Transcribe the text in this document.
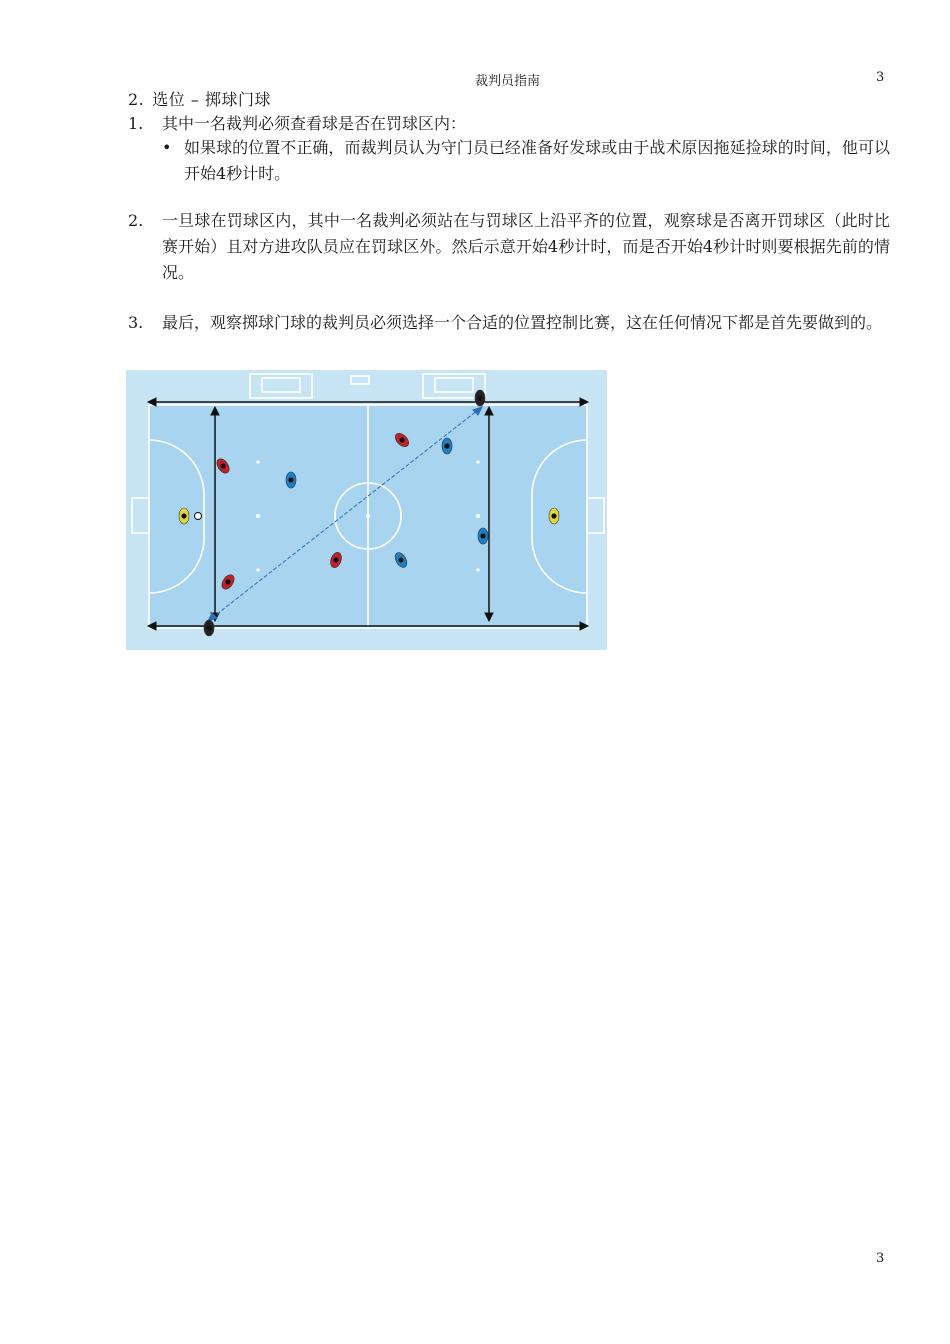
裁判员指南	3
2. 选位 – 掷球门球
1. 其中一名裁判必须查看球是否在罚球区内：
• 如果球的位置不正确，而裁判员认为守门员已经准备好发球或由于战术原因拖延捡球的时间，他可以开始4秒计时。
2. 一旦球在罚球区内，其中一名裁判必须站在与罚球区上沿平齐的位置，观察球是否离开罚球区（此时比赛开始）且对方进攻队员应在罚球区外。然后示意开始4秒计时，而是否开始4秒计时则要根据先前的情况。
3. 最后，观察掷球门球的裁判员必须选择一个合适的位置控制比赛，这在任何情况下都是首先要做到的。
3
